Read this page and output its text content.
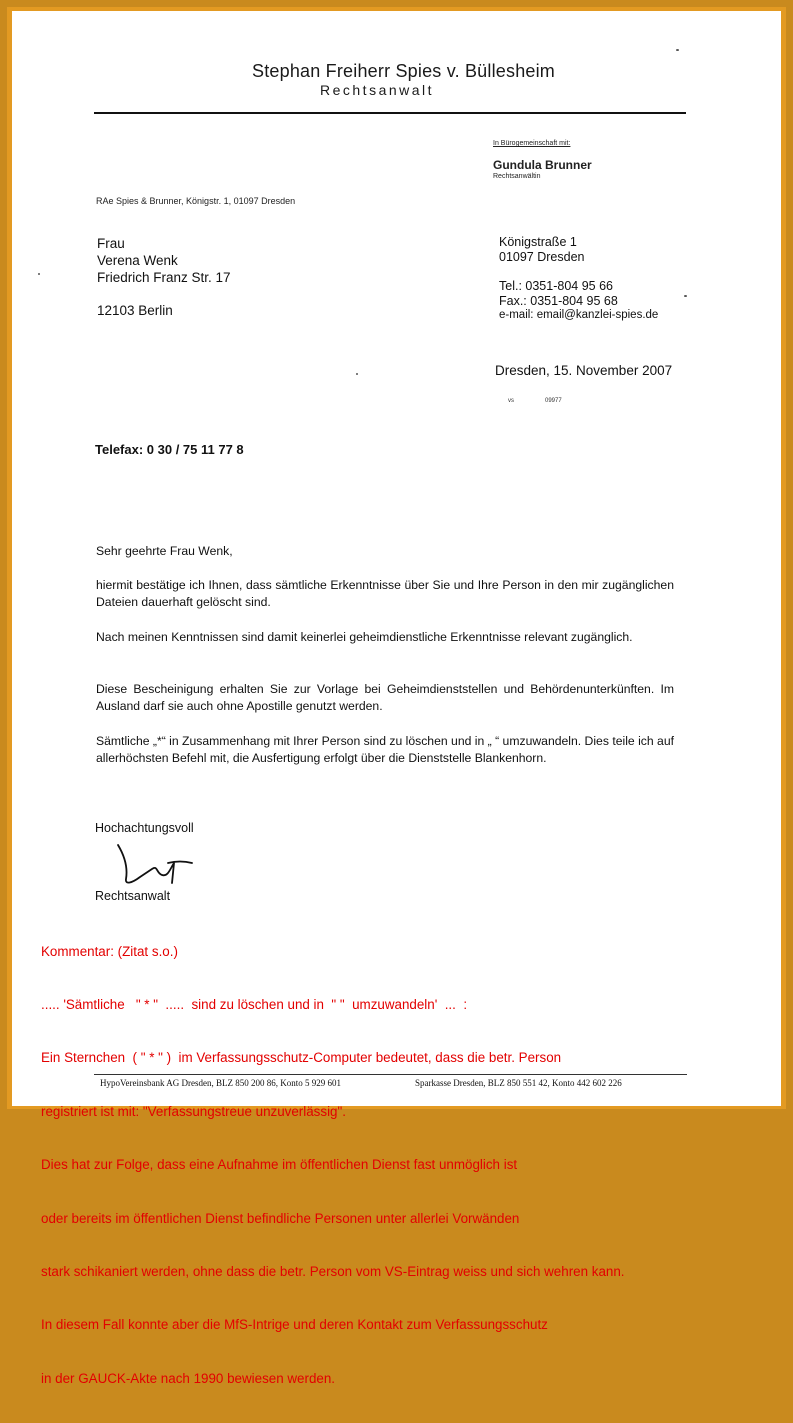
Stephan Freiherr Spies v. Büllesheim
Rechtsanwalt
In Bürogemeinschaft mit:
Gundula Brunner
Rechtsanwältin
RAe Spies & Brunner, Königstr. 1, 01097 Dresden
Frau
Verena Wenk
Friedrich Franz Str. 17
12103 Berlin
Königstraße 1
01097 Dresden
Tel.: 0351-804 95 66
Fax.: 0351-804 95 68
e-mail: email@kanzlei-spies.de
Dresden, 15. November 2007
vs	09977
Telefax: 0 30 / 75 11 77 8
Sehr geehrte Frau Wenk,
hiermit bestätige ich Ihnen, dass sämtliche Erkenntnisse über Sie und Ihre Person in den mir zugänglichen Dateien dauerhaft gelöscht sind.
Nach meinen Kenntnissen sind damit keinerlei geheimdienstliche Erkenntnisse relevant zugänglich.
Diese Bescheinigung erhalten Sie zur Vorlage bei Geheimdienststellen und Behördenunterkünften. Im Ausland darf sie auch ohne Apostille genutzt werden.
Sämtliche „*“ in Zusammenhang mit Ihrer Person sind zu löschen und in „ “ umzuwandeln. Dies teile ich auf allerhöchsten Befehl mit, die Ausfertigung erfolgt über die Dienststelle Blankenhorn.
Hochachtungsvoll
Rechtsanwalt

Kommentar: (Zitat s.o.)

..... 'Sämtliche   " * "  .....  sind zu löschen und in  " "  umzuwandeln'  ...  :

Ein Sternchen  ( " * " )  im Verfassungsschutz-Computer bedeutet, dass die betr. Person

registriert ist mit: "Verfassungstreue unzuverlässig".

Dies hat zur Folge, dass eine Aufnahme im öffentlichen Dienst fast unmöglich ist

oder bereits im öffentlichen Dienst befindliche Personen unter allerlei Vorwänden

stark schikaniert werden, ohne dass die betr. Person vom VS-Eintrag weiss und sich wehren kann.

In diesem Fall konnte aber die MfS-Intrige und deren Kontakt zum Verfassungsschutz

in der GAUCK-Akte nach 1990 bewiesen werden.

HypoVereinsbank AG Dresden, BLZ 850 200 86, Konto 5 929 601	Sparkasse Dresden, BLZ 850 551 42, Konto 442 602 226
